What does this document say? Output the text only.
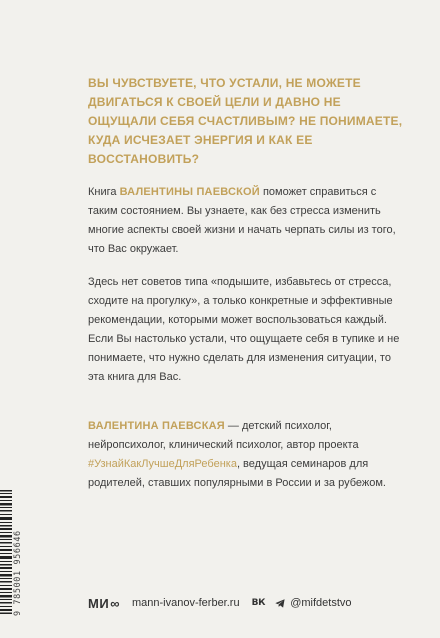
ВЫ ЧУВСТВУЕТЕ, ЧТО УСТАЛИ, НЕ МОЖЕТЕ ДВИГАТЬСЯ К СВОЕЙ ЦЕЛИ И ДАВНО НЕ ОЩУЩАЛИ СЕБЯ СЧАСТЛИВЫМ? НЕ ПОНИМАЕТЕ, КУДА ИСЧЕЗАЕТ ЭНЕРГИЯ И КАК ЕЕ ВОССТАНОВИТЬ?

Книга ВАЛЕНТИНЫ ПАЕВСКОЙ поможет справиться с таким состоянием. Вы узнаете, как без стресса изменить многие аспекты своей жизни и начать черпать силы из того, что Вас окружает.

Здесь нет советов типа «подышите, избавьтесь от стресса, сходите на прогулку», а только конкретные и эффективные рекомендации, которыми может воспользоваться каждый. Если Вы настолько устали, что ощущаете себя в тупике и не понимаете, что нужно сделать для изменения ситуации, то эта книга для Вас.

ВАЛЕНТИНА ПАЕВСКАЯ — детский психолог, нейропсихолог, клинический психолог, автор проекта #УзнайКакЛучшеДляРебенка, ведущая семинаров для родителей, ставших популярными в России и за рубежом.

9 785001 956646	МИ ∞ mann-ivanov-ferber.ru ВК @mifdetstvo
